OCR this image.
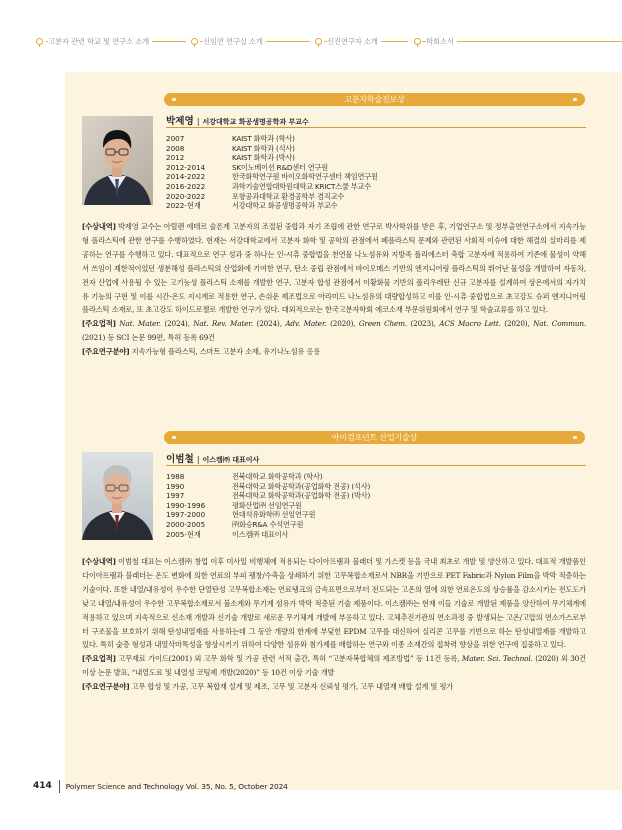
고분자 관련 학교 및 연구소 소개	신임연 연구실 소개	신진연구자 소개	학회소식
고분자학술진보상
박제영 | 서강대학교 화공생명공학과 부교수
2007	KAIST 화학과 (학사)
2008	KAIST 화학과 (석사)
2012	KAIST 화학과 (박사)
2012-2014	SK이노베이션 R&D센터 연구원
2014-2022	한국화학연구원 바이오화학연구센터 책임연구원
2016-2022	과학기술연합대학원대학교 KRICT스쿨 부교수
2020-2022	포항공과대학교 환경공학부 겸직교수
2022-현재	서강대학교 화공생명공학과 부교수

[수상내역] 박제영 교수는 아릴렌 에테르 술폰계 고분자의 조절된 중합과 자기 조립에 관한 연구로 박사학위를 받은 후, 기업연구소 및 정부출연연구소에서 지속가능형 플라스틱에 관한 연구를 수행하였다. 현재는 서강대학교에서 고분자 화학 및 공학의 관점에서 폐플라스틱 문제와 관련된 사회적 이슈에 대한 해결의 실마리를 제공하는 연구를 수행하고 있다. 대표적으로 연구 성과 중 하나는 인-시츄 중합법을 천연물 나노섬유와 지방족 폴리에스터 축합 고분자에 적용하여 기존에 물성이 약해서 쓰임이 제한적이었던 생분해성 플라스틱의 산업화에 기여한 연구, 탄소 중립 관점에서 바이오매스 기반의 엔지니어링 플라스틱의 뛰어난 물성을 개발하여 자동차, 전자 산업에 사용될 수 있는 고기능성 플라스틱 소재를 개발한 연구, 고분자 합성 관점에서 이황화물 기반의 폴리우레탄 신규 고분자를 설계하여 상온에서의 자가치유 기능의 구현 및 이를 시간-온도 지시계로 적용한 연구, 손쉬운 제조법으로 아라미드 나노섬유의 대량합성하고 이를 인-시츄 중합법으로 초고강도 슈퍼 엔지니어링 플라스틱 소재로, 또 초고강도 하이드로젤로 개발한 연구가 있다. 대외적으로는 한국고분자학회 에코소재 부문위원회에서 연구 및 학술교류를 하고 있다.

[주요업적] Nat. Mater. (2024), Nat. Rev. Mater. (2024), Adv. Mater. (2020), Green Chem. (2023), ACS Macro Lett. (2020), Nat. Commun. (2021) 등 SCI 논문 99편, 특허 등록 69건

[주요연구분야] 지속가능형 플라스틱, 스마트 고분자 소재, 유기나노섬유 응용

아이컴포넌트 산업기술상
이범철 | 이스켐㈜ 대표이사
1988	전북대학교 화학공학과 (학사)
1990	전북대학교 화학공학과(공업화학 전공) (석사)
1997	전북대학교 화학공학과(공업화학 전공) (박사)
1990-1996	평화산업㈜ 선임연구원
1997-2000	현대석유화학㈜ 선임연구원
2000-2005	㈜화승R&A 수석연구원
2005-현재	이스켐㈜ 대표이사

[수상내역] 이범철 대표는 이스켐㈜ 창업 이후 미사일 비행체에 적용되는 다이아프램과 블래더 및 가스켓 등을 국내 최초로 개발 및 양산하고 있다. 대표적 개발품인 다이아프램과 블래더는 온도 변화에 의한 연료의 부피 팽창/수축을 상쇄하기 위한 고무복합소재로서 NBR을 기반으로 PET Fabric과 Nylon Film을 박막 적층하는 기술이다. 또한 내열/내유성이 우수한 단열탄성 고무복합소재는 연료탱크의 금속표면으로부터 전도되는 고온의 열에 의한 연료온도의 상승률을 감소시키는 전도도가 낮고 내열/내유성이 우수한 고무복합소재로서 불소계와 무기계 섬유가 박막 적층된 기술 제품이다. 이스켐㈜는 현재 이들 기술로 개발된 제품을 양산하여 무기체계에 적용하고 있으며 지속적으로 신소재 개발과 신기술 개발로 새로운 무기체계 개발에 부응하고 있다. 고체추진기관의 연소과정 중 발생되는 고온/고압의 연소가스로부터 구조물을 보호하기 위해 탄성내열재를 사용하는데 그 동안 개량의 한계에 부딪힌 EPDM 고무를 대신하여 실리콘 고무를 기반으로 하는 탄성내열재를 개발하고 있다. 특히 숯층 형성과 내열삭마특성을 향상시키기 위하여 다양한 섬유와 첨가제를 배합하는 연구와 이종 소재간의 접착력 향상을 위한 연구에 집중하고 있다.

[주요업적] 고무재료 가이드(2001) 외 고무 화학 및 가공 관련 서적 출간, 특허 “고분자복합체의 제조방법” 등 11건 등록, Mater. Sci. Technol. (2020) 외 30건 이상 논문 발표, “내열도료 및 내열성 코팅제 개발(2020)” 등 10건 이상 기술 개발

[주요연구분야] 고무 합성 및 가공, 고무 복합재 설계 및 제조, 고무 및 고분자 신뢰성 평가, 고무 내열재 배합 설계 및 평가

414 Polymer Science and Technology Vol. 35, No. 5, October 2024
